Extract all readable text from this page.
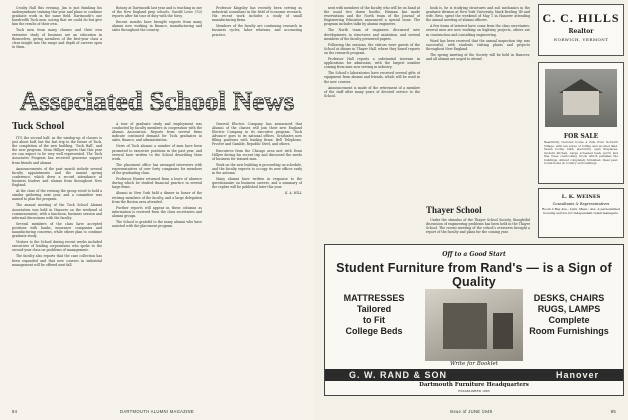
Crosby Hall this evening. Jim is just finishing his undergraduate training this year and plans to continue graduate work in the same field. Dartmouth's one hundredth Tuck men, noting that we could do but give him the results of their own.

Tuck men from many classes and their own extensive study of business are an education in themselves, giving members of the first-year class a clear insight into the range and depth of careers open to them.

Botany at Dartmouth last year and is teaching in one of the New England prep schools. Garold Lowe ('53) reports after his tour of duty with the Navy.

Recent months have brought reports from many alumni now working in finance, manufacturing and sales throughout the country.

Professor Kingsley has recently been serving as industrial consultant in the field of economic research. His recent work includes a study of small manufacturing firms.

Members of the faculty are continuing research in business cycles, labor relations, and accounting practice.

Associated School News
Tuck School

IT'S the second half, as the windup-up of classes is just about half, but the last trip to the future of Tuck, the completion of the new building, 'Tuck Hall', and the new program. Dean Hillyer reports that this year we can expect to be very well represented. The Tuck Associates Program has received generous support from friends and alumni.

Announcements of the past month include several faculty appointments and the annual spring conference, which drew a record attendance of business leaders and alumni from throughout New England.

At the close of the evening the group voted to hold a similar gathering next year, and a committee was named to plan the program.

The annual meeting of the Tuck School Alumni Association was held in Hanover on the weekend of commencement, with a luncheon, business session and informal discussions with the faculty.

Several members of the class have accepted positions with banks, insurance companies and manufacturing concerns, while others plan to continue graduate study.

Visitors to the School during recent weeks included executives of leading corporations who spoke to the second-year class on problems of management.

The faculty also reports that the case collection has been expanded and that new courses in industrial management will be offered next fall.

A tour of graduate study and employment was conducted by faculty members in cooperation with the Alumni Association. Reports from several firms indicate continued demand for Tuck graduates in sales, finance, and administration.

News of Tuck alumni: a number of men have been promoted to executive positions in the past year, and several have written to the School describing their work.

The placement office has arranged interviews with representatives of over forty companies for members of the graduating class.

Professor Hunter returned from a leave of absence during which he studied financial practice in several large firms.

Alumni in New York held a dinner in honor of the retiring members of the faculty, and a large delegation from the Boston area attended.

Further reports will appear in these columns as information is received from the class secretaries and alumni groups.

The School is grateful to the many alumni who have assisted with the placement program.

General Electric Company has announced that Alumni of the classes will join their new England Electric Company in its executive program. 'Tuck Advance' goes to its national offices. Graduates now filling positions with leading firms: Bell Telephone, Procter and Gamble, Republic Steel, and others.

Executives from the Chicago area met with Dean Hillyer during his recent trip and discussed the needs of business for trained men.

Work on the new building is proceeding on schedule, and the faculty expects to occupy its new offices early in the autumn.

Many alumni have written in response to the questionnaire on business careers, and a summary of the replies will be published later this year.

K. A. HILL

84	DARTMOUTH ALUMNI MAGAZINE

next with members of the faculty who will be on hand at the usual two dozen booths. Hinman has made reservations and the North team of the Journal of Engineering Education announced a special issue. The program includes talks by alumni engineers.

The North team of engineers discussed new developments in structures and sanitation, and several members of the faculty presented papers.

Following the sessions, the visitors were guests of the School at dinner in Thayer Hall, where they heard reports on the research program.

Professor Hall reports a substantial increase in applications for admission, with the largest number coming from men now serving in industry.

The School's laboratories have received several gifts of equipment from alumni and friends, which will be used in the new courses.

Announcement is made of the retirement of a member of the staff after many years of devoted service to the School.

book is, he is studying structures and soil mechanics in the graduate division at New York University. Mark Beeling '49 and wife, Betz, spent the weekend of May 1 in Hanover attending the annual meeting of alumni officers.

A few items of interest have come from the class secretaries: several men are now working on highway projects, others are in construction and consulting engineering.

Word has been received that the annual inspection trip was successful, with students visiting plants and projects throughout New England.

The spring meeting of the Society will be held in Hanover, and all alumni are urged to attend.

Thayer School

Under the stimulus of the Thayer School Society, thoughtful discussion of engineering problems has been held in the Thayer School. The recent meeting of the school's overseers brought a report of the faculty and plans for the coming year.

C. C. HILLS
Realtor
NORWICH, VERMONT
FOR SALE
Beautifully restored house a mile from Norwich Village, with ten acres of rolling and wooded land. Seven rooms, bath, electricity, open fireplaces, modern kitchen. Large screened back porch and fine trees overlooking brook which parallels the buildings. Almost completely furnished. Ideal year-round home in country surroundings.
L. K. WEINES
Consultants & Representatives
Room 2 Bay Ave., Lynn, Mass.; Ave. A personalized housing service for independent retail managers.
Off to a Good Start
Student Furniture from Rand's — is a Sign of Quality
MATTRESSES
Tailored
to Fit
College Beds
DESKS, CHAIRS
RUGS, LAMPS
Complete
Room Furnishings
Write for Booklet
G. W. RAND & SON	Hanover
Dartmouth Furniture Headquarters
ESTABLISHED 1865
Issue of JUNE 1949	85
